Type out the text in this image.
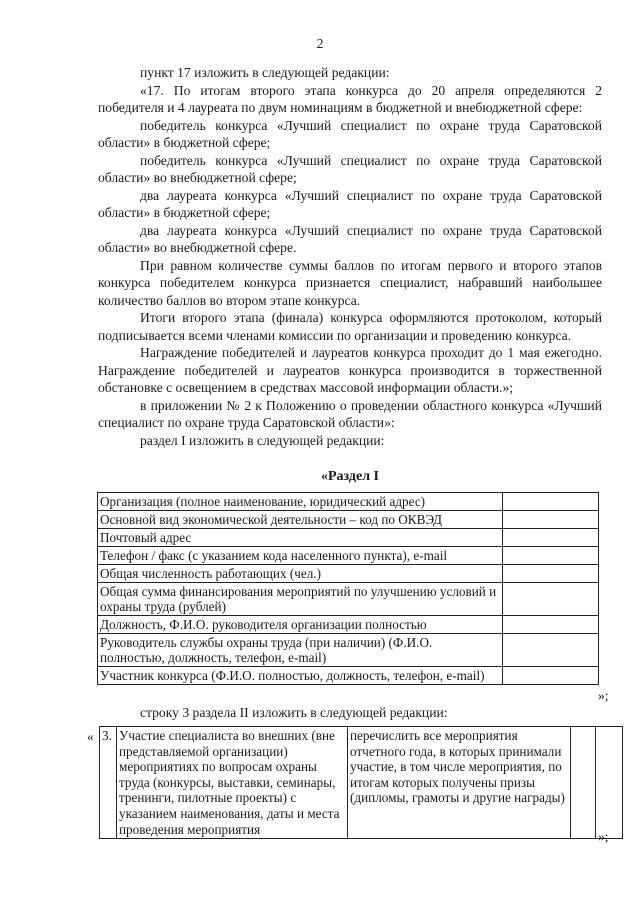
2

пункт 17 изложить в следующей редакции:

«17. По итогам второго этапа конкурса до 20 апреля определяются 2 победителя и 4 лауреата по двум номинациям в бюджетной и внебюджетной сфере:

победитель конкурса «Лучший специалист по охране труда Саратовской области» в бюджетной сфере;

победитель конкурса «Лучший специалист по охране труда Саратовской области» во внебюджетной сфере;

два лауреата конкурса «Лучший специалист по охране труда Саратовской области» в бюджетной сфере;

два лауреата конкурса «Лучший специалист по охране труда Саратовской области» во внебюджетной сфере.

При равном количестве суммы баллов по итогам первого и второго этапов конкурса победителем конкурса признается специалист, набравший наибольшее количество баллов во втором этапе конкурса.

Итоги второго этапа (финала) конкурса оформляются протоколом, который подписывается всеми членами комиссии по организации и проведению конкурса.

Награждение победителей и лауреатов конкурса проходит до 1 мая ежегодно. Награждение победителей и лауреатов конкурса производится в торжественной обстановке с освещением в средствах массовой информации области.»;

в приложении № 2 к Положению о проведении областного конкурса «Лучший специалист по охране труда Саратовской области»:

раздел I изложить в следующей редакции:

«Раздел I
Организация (полное наименование, юридический адрес)	
Основной вид экономической деятельности – код по ОКВЭД	
Почтовый адрес	
Телефон / факс (с указанием кода населенного пункта), e-mail	
Общая численность работающих (чел.)	
Общая сумма финансирования мероприятий по улучшению условий и охраны труда (рублей)	
Должность, Ф.И.О. руководителя организации полностью	
Руководитель службы охраны труда (при наличии) (Ф.И.О. полностью, должность, телефон, e-mail)	
Участник конкурса (Ф.И.О. полностью, должность, телефон, e-mail)	
»;
строку 3 раздела II изложить в следующей редакции:
« 3.	Участие специалиста во внешних (вне представляемой организации) мероприятиях по вопросам охраны труда (конкурсы, выставки, семинары, тренинги, пилотные проекты) с указанием наименования, даты и места проведения мероприятия	перечислить все мероприятия отчетного года, в которых принимали участие, в том числе мероприятия, по итогам которых получены призы (дипломы, грамоты и другие награды)		
»;
